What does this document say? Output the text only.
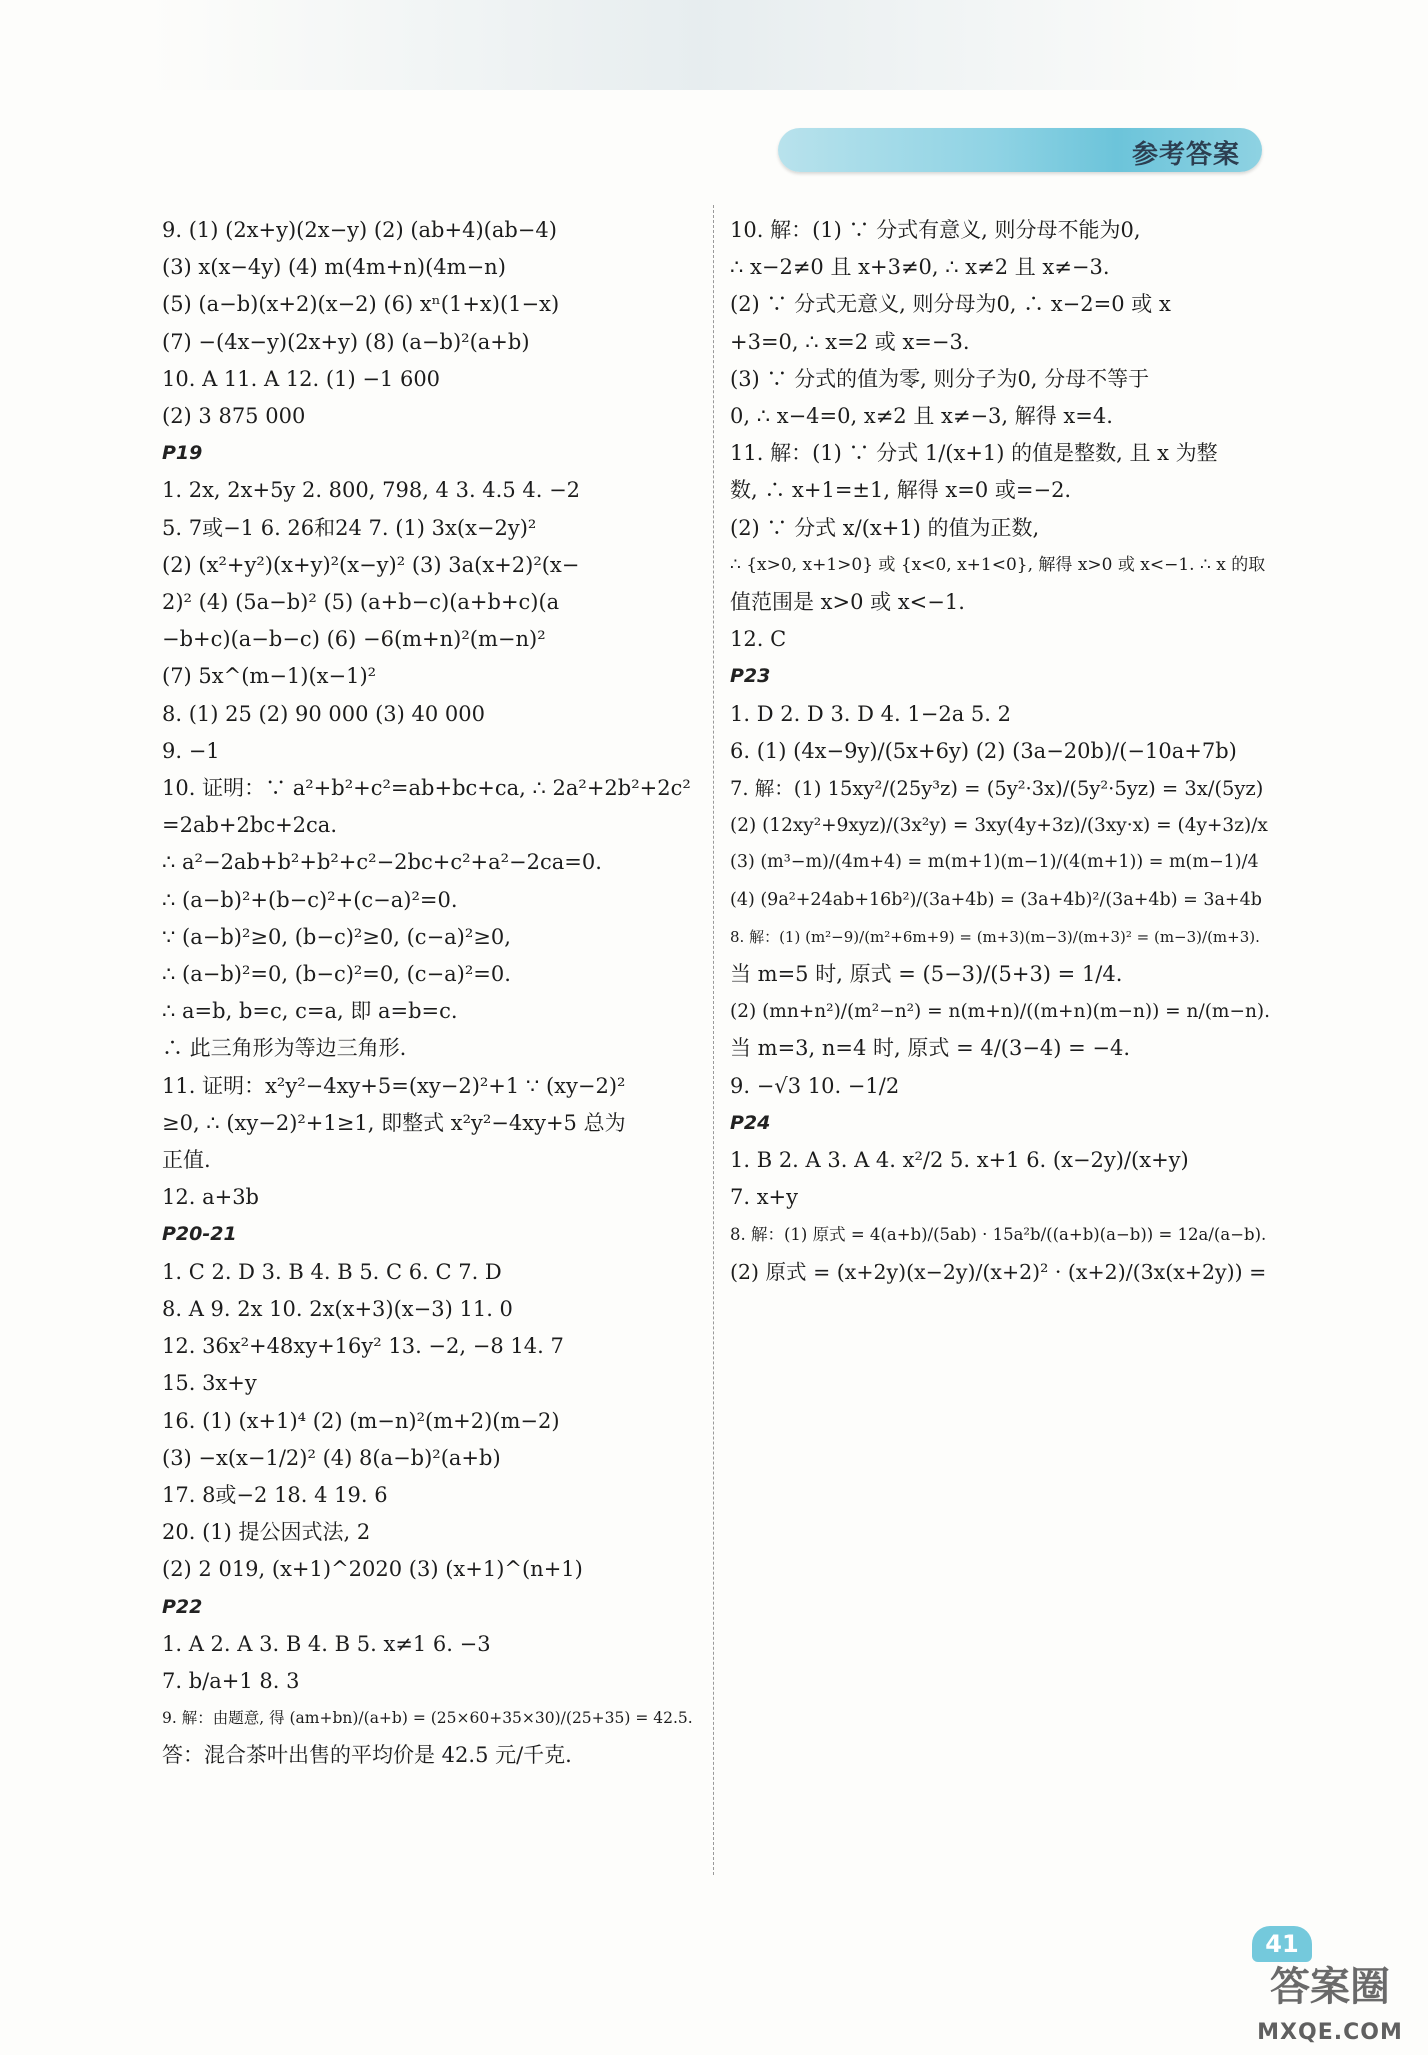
参考答案
9. (1) (2x+y)(2x−y) (2) (ab+4)(ab−4)
(3) x(x−4y) (4) m(4m+n)(4m−n)
(5) (a−b)(x+2)(x−2) (6) xⁿ(1+x)(1−x)
(7) −(4x−y)(2x+y) (8) (a−b)²(a+b)
10. A 11. A 12. (1) −1 600
(2) 3 875 000
P19
1. 2x, 2x+5y 2. 800, 798, 4 3. 4.5 4. −2
5. 7或−1 6. 26和24 7. (1) 3x(x−2y)²
(2) (x²+y²)(x+y)²(x−y)² (3) 3a(x+2)²(x−
2)² (4) (5a−b)² (5) (a+b−c)(a+b+c)(a
−b+c)(a−b−c) (6) −6(m+n)²(m−n)²
(7) 5x^(m−1)(x−1)²
8. (1) 25 (2) 90 000 (3) 40 000
9. −1
10. 证明：∵ a²+b²+c²=ab+bc+ca, ∴ 2a²+2b²+2c²
=2ab+2bc+2ca.
∴ a²−2ab+b²+b²+c²−2bc+c²+a²−2ca=0.
∴ (a−b)²+(b−c)²+(c−a)²=0.
∵ (a−b)²≥0, (b−c)²≥0, (c−a)²≥0,
∴ (a−b)²=0, (b−c)²=0, (c−a)²=0.
∴ a=b, b=c, c=a, 即 a=b=c.
∴ 此三角形为等边三角形.
11. 证明：x²y²−4xy+5=(xy−2)²+1 ∵ (xy−2)²
≥0, ∴ (xy−2)²+1≥1, 即整式 x²y²−4xy+5 总为
正值.
12. a+3b
P20-21
1. C 2. D 3. B 4. B 5. C 6. C 7. D
8. A 9. 2x 10. 2x(x+3)(x−3) 11. 0
12. 36x²+48xy+16y² 13. −2, −8 14. 7
15. 3x+y
16. (1) (x+1)⁴ (2) (m−n)²(m+2)(m−2)
(3) −x(x−1/2)² (4) 8(a−b)²(a+b)
17. 8或−2 18. 4 19. 6
20. (1) 提公因式法, 2
(2) 2 019, (x+1)^2020 (3) (x+1)^(n+1)
P22
1. A 2. A 3. B 4. B 5. x≠1 6. −3
7. b/a+1 8. 3
9. 解：由题意, 得 (am+bn)/(a+b) = (25×60+35×30)/(25+35) = 42.5.
答：混合茶叶出售的平均价是 42.5 元/千克.
10. 解：(1) ∵ 分式有意义, 则分母不能为0,
∴ x−2≠0 且 x+3≠0, ∴ x≠2 且 x≠−3.
(2) ∵ 分式无意义, 则分母为0, ∴ x−2=0 或 x
+3=0, ∴ x=2 或 x=−3.
(3) ∵ 分式的值为零, 则分子为0, 分母不等于
0, ∴ x−4=0, x≠2 且 x≠−3, 解得 x=4.
11. 解：(1) ∵ 分式 1/(x+1) 的值是整数, 且 x 为整
数, ∴ x+1=±1, 解得 x=0 或=−2.
(2) ∵ 分式 x/(x+1) 的值为正数,
∴ {x>0, x+1>0} 或 {x<0, x+1<0}, 解得 x>0 或 x<−1. ∴ x 的取
值范围是 x>0 或 x<−1.
12. C
P23
1. D 2. D 3. D 4. 1−2a 5. 2
6. (1) (4x−9y)/(5x+6y) (2) (3a−20b)/(−10a+7b)
7. 解：(1) 15xy²/(25y³z) = (5y²·3x)/(5y²·5yz) = 3x/(5yz)
(2) (12xy²+9xyz)/(3x²y) = 3xy(4y+3z)/(3xy·x) = (4y+3z)/x
(3) (m³−m)/(4m+4) = m(m+1)(m−1)/(4(m+1)) = m(m−1)/4
(4) (9a²+24ab+16b²)/(3a+4b) = (3a+4b)²/(3a+4b) = 3a+4b
8. 解：(1) (m²−9)/(m²+6m+9) = (m+3)(m−3)/(m+3)² = (m−3)/(m+3).
当 m=5 时, 原式 = (5−3)/(5+3) = 1/4.
(2) (mn+n²)/(m²−n²) = n(m+n)/((m+n)(m−n)) = n/(m−n).
当 m=3, n=4 时, 原式 = 4/(3−4) = −4.
9. −√3 10. −1/2
P24
1. B 2. A 3. A 4. x²/2 5. x+1 6. (x−2y)/(x+y)
7. x+y
8. 解：(1) 原式 = 4(a+b)/(5ab) · 15a²b/((a+b)(a−b)) = 12a/(a−b).
(2) 原式 = (x+2y)(x−2y)/(x+2)² · (x+2)/(3x(x+2y)) =
41
答案圈
MXQE.COM
